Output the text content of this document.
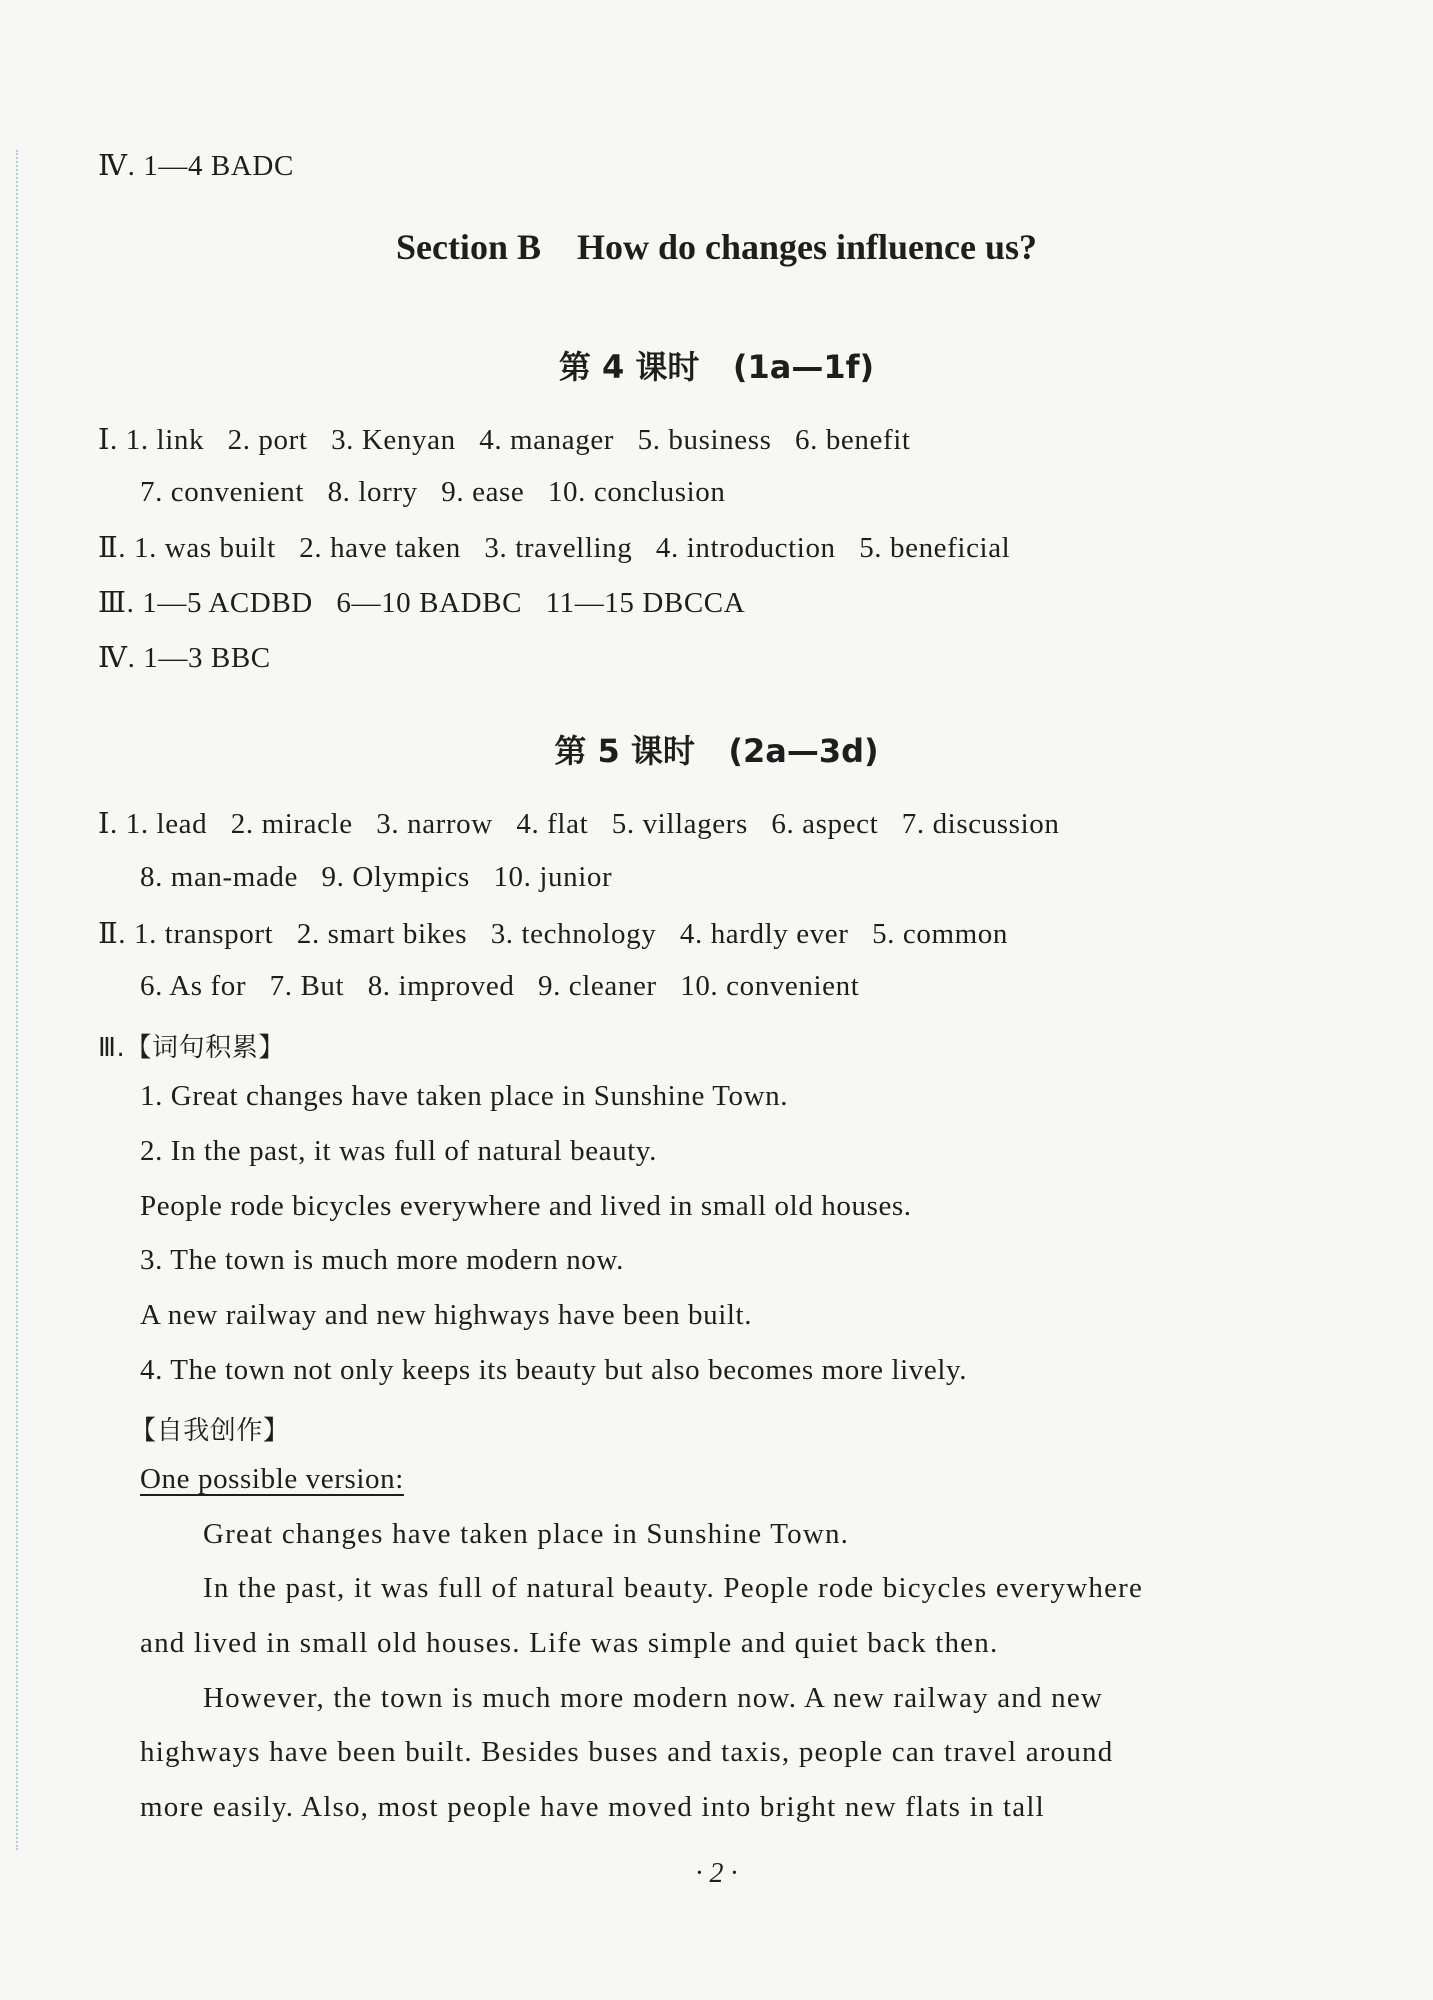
Ⅳ. 1—4 BADC
Section B    How do changes influence us?
第 4 课时   (1a—1f)
Ⅰ. 1. link   2. port   3. Kenyan   4. manager   5. business   6. benefit
7. convenient   8. lorry   9. ease   10. conclusion
Ⅱ. 1. was built   2. have taken   3. travelling   4. introduction   5. beneficial
Ⅲ. 1—5 ACDBD   6—10 BADBC   11—15 DBCCA
Ⅳ. 1—3 BBC
第 5 课时   (2a—3d)
Ⅰ. 1. lead   2. miracle   3. narrow   4. flat   5. villagers   6. aspect   7. discussion
8. man-made   9. Olympics   10. junior
Ⅱ. 1. transport   2. smart bikes   3. technology   4. hardly ever   5. common
6. As for   7. But   8. improved   9. cleaner   10. convenient
Ⅲ.【词句积累】
1. Great changes have taken place in Sunshine Town.
2. In the past, it was full of natural beauty.
People rode bicycles everywhere and lived in small old houses.
3. The town is much more modern now.
A new railway and new highways have been built.
4. The town not only keeps its beauty but also becomes more lively.
【自我创作】
One possible version:
Great changes have taken place in Sunshine Town.
In the past, it was full of natural beauty. People rode bicycles everywhere
and lived in small old houses. Life was simple and quiet back then.
However, the town is much more modern now. A new railway and new
highways have been built. Besides buses and taxis, people can travel around
more easily. Also, most people have moved into bright new flats in tall
· 2 ·
